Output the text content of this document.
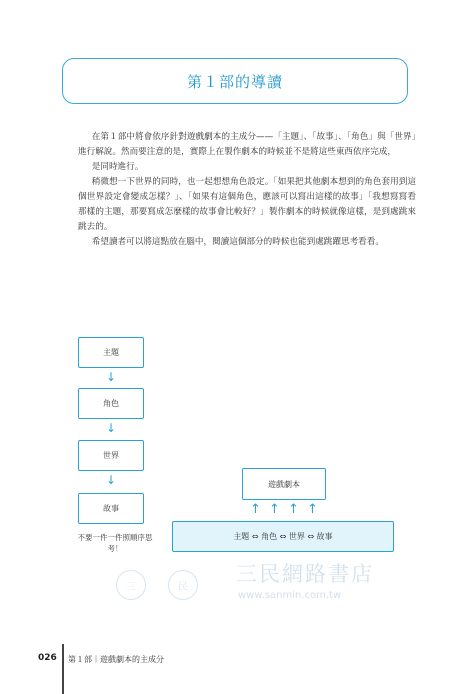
第１部的導讀

在第１部中將會依序針對遊戲劇本的主成分——「主題」、「故事」、「角色」與「世界」進行解說。然而要注意的是，實際上在製作劇本的時候並不是將這些東西依序完成，

是同時進行。

稍微想一下世界的同時，也一起想想角色設定。「如果把其他劇本想到的角色套用到這個世界設定會變成怎樣？」、「如果有這個角色，應該可以寫出這樣的故事」「我想寫寫看那樣的主題，那要寫成怎麼樣的故事會比較好？」製作劇本的時候就像這樣，是到處跳來跳去的。

希望讀者可以將這點放在腦中，閱讀這個部分的時候也能到處跳躍思考看看。

主題
↓
角色
↓
世界
↓
故事
不要一件一件照順序思考！
遊戲劇本
↑ ↑ ↑ ↑
主題 ⇔ 角色 ⇔ 世界 ⇔ 故事
三	民
三民網路書店
www.sanmin.com.tw
026 第１部｜遊戲劇本的主成分
